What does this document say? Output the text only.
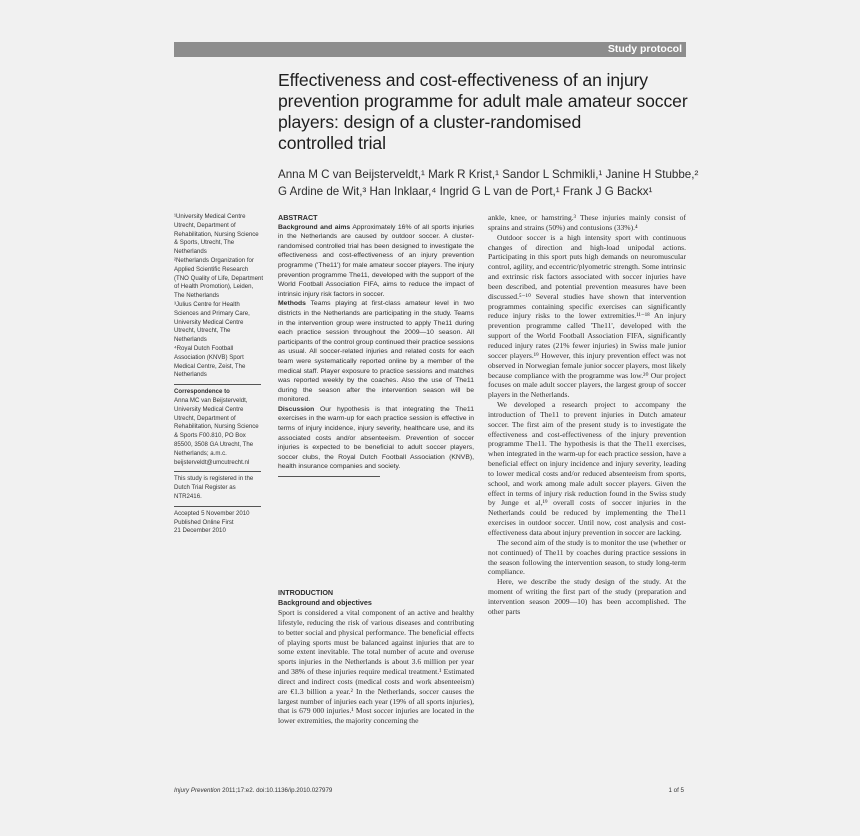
Study protocol
Effectiveness and cost-effectiveness of an injury
prevention programme for adult male amateur soccer
players: design of a cluster-randomised
controlled trial
Anna M C van Beijsterveldt,¹ Mark R Krist,¹ Sandor L Schmikli,¹ Janine H Stubbe,²
G Ardine de Wit,³ Han Inklaar,⁴ Ingrid G L van de Port,¹ Frank J G Backx¹

¹University Medical Centre Utrecht, Department of Rehabilitation, Nursing Science & Sports, Utrecht, The Netherlands

²Netherlands Organization for Applied Scientific Research (TNO Quality of Life, Department of Health Promotion), Leiden, The Netherlands

³Julius Centre for Health Sciences and Primary Care, University Medical Centre Utrecht, Utrecht, The Netherlands

⁴Royal Dutch Football Association (KNVB) Sport Medical Centre, Zeist, The Netherlands

Correspondence to

Anna MC van Beijsterveldt, University Medical Centre Utrecht, Department of Rehabilitation, Nursing Science & Sports F00.810, PO Box 85500, 3508 GA Utrecht, The Netherlands; a.m.c. beijsterveldt@umcutrecht.nl

This study is registered in the Dutch Trial Register as NTR2416.

Accepted 5 November 2010

Published Online First

21 December 2010

ABSTRACT

Background and aims Approximately 16% of all sports injuries in the Netherlands are caused by outdoor soccer. A cluster-randomised controlled trial has been designed to investigate the effectiveness and cost-effectiveness of an injury prevention programme ('The11') for male amateur soccer players. The injury prevention programme The11, developed with the support of the World Football Association FIFA, aims to reduce the impact of intrinsic injury risk factors in soccer.

Methods Teams playing at first-class amateur level in two districts in the Netherlands are participating in the study. Teams in the intervention group were instructed to apply The11 during each practice session throughout the 2009—10 season. All participants of the control group continued their practice sessions as usual. All soccer-related injuries and related costs for each team were systematically reported online by a member of the medical staff. Player exposure to practice sessions and matches was reported weekly by the coaches. Also the use of The11 during the season after the intervention season will be monitored.

Discussion Our hypothesis is that integrating the The11 exercises in the warm-up for each practice session is effective in terms of injury incidence, injury severity, healthcare use, and its associated costs and/or absenteeism. Prevention of soccer injuries is expected to be beneficial to adult soccer players, soccer clubs, the Royal Dutch Football Association (KNVB), health insurance companies and society.

INTRODUCTION

Background and objectives

Sport is considered a vital component of an active and healthy lifestyle, reducing the risk of various diseases and contributing to better social and physical performance. The beneficial effects of playing sports must be balanced against injuries that are to some extent inevitable. The total number of acute and overuse sports injuries in the Netherlands is about 3.6 million per year and 38% of these injuries require medical treatment.¹ Estimated direct and indirect costs (medical costs and work absenteeism) are €1.3 billion a year.² In the Netherlands, soccer causes the largest number of injuries each year (19% of all sports injuries), that is 679 000 injuries.¹ Most soccer injuries are located in the lower extremities, the majority concerning the

ankle, knee, or hamstring.³ These injuries mainly consist of sprains and strains (50%) and contusions (33%).⁴

Outdoor soccer is a high intensity sport with continuous changes of direction and high-load unipodal actions. Participating in this sport puts high demands on neuromuscular control, agility, and eccentric/plyometric strength. Some intrinsic and extrinsic risk factors associated with soccer injuries have been described, and potential prevention measures have been discussed.⁵⁻¹⁰ Several studies have shown that intervention programmes containing specific exercises can significantly reduce injury risks to the lower extremities.¹¹⁻¹⁸ An injury prevention programme called 'The11', developed with the support of the World Football Association FIFA, significantly reduced injury rates (21% fewer injuries) in Swiss male junior soccer players.¹⁹ However, this injury prevention effect was not observed in Norwegian female junior soccer players, most likely because compliance with the programme was low.²⁰ Our project focuses on male adult soccer players, the largest group of soccer players in the Netherlands.

We developed a research project to accompany the introduction of The11 to prevent injuries in Dutch amateur soccer. The first aim of the present study is to investigate the effectiveness and cost-effectiveness of the injury prevention programme The11. The hypothesis is that the The11 exercises, when integrated in the warm-up for each practice session, have a beneficial effect on injury incidence and injury severity, leading to lower medical costs and/or reduced absenteeism from sports, school, and work among male adult soccer players. Given the effect in terms of injury risk reduction found in the Swiss study by Junge et al,¹⁹ overall costs of soccer injuries in the Netherlands could be reduced by implementing the The11 exercises in outdoor soccer. Until now, cost analysis and cost-effectiveness data about injury prevention in soccer are lacking.

The second aim of the study is to monitor the use (whether or not continued) of The11 by coaches during practice sessions in the season following the intervention season, to study long-term compliance.

Here, we describe the study design of the study. At the moment of writing the first part of the study (preparation and intervention season 2009—10) has been accomplished. The other parts

Injury Prevention 2011;17:e2. doi:10.1136/ip.2010.027979	1 of 5
